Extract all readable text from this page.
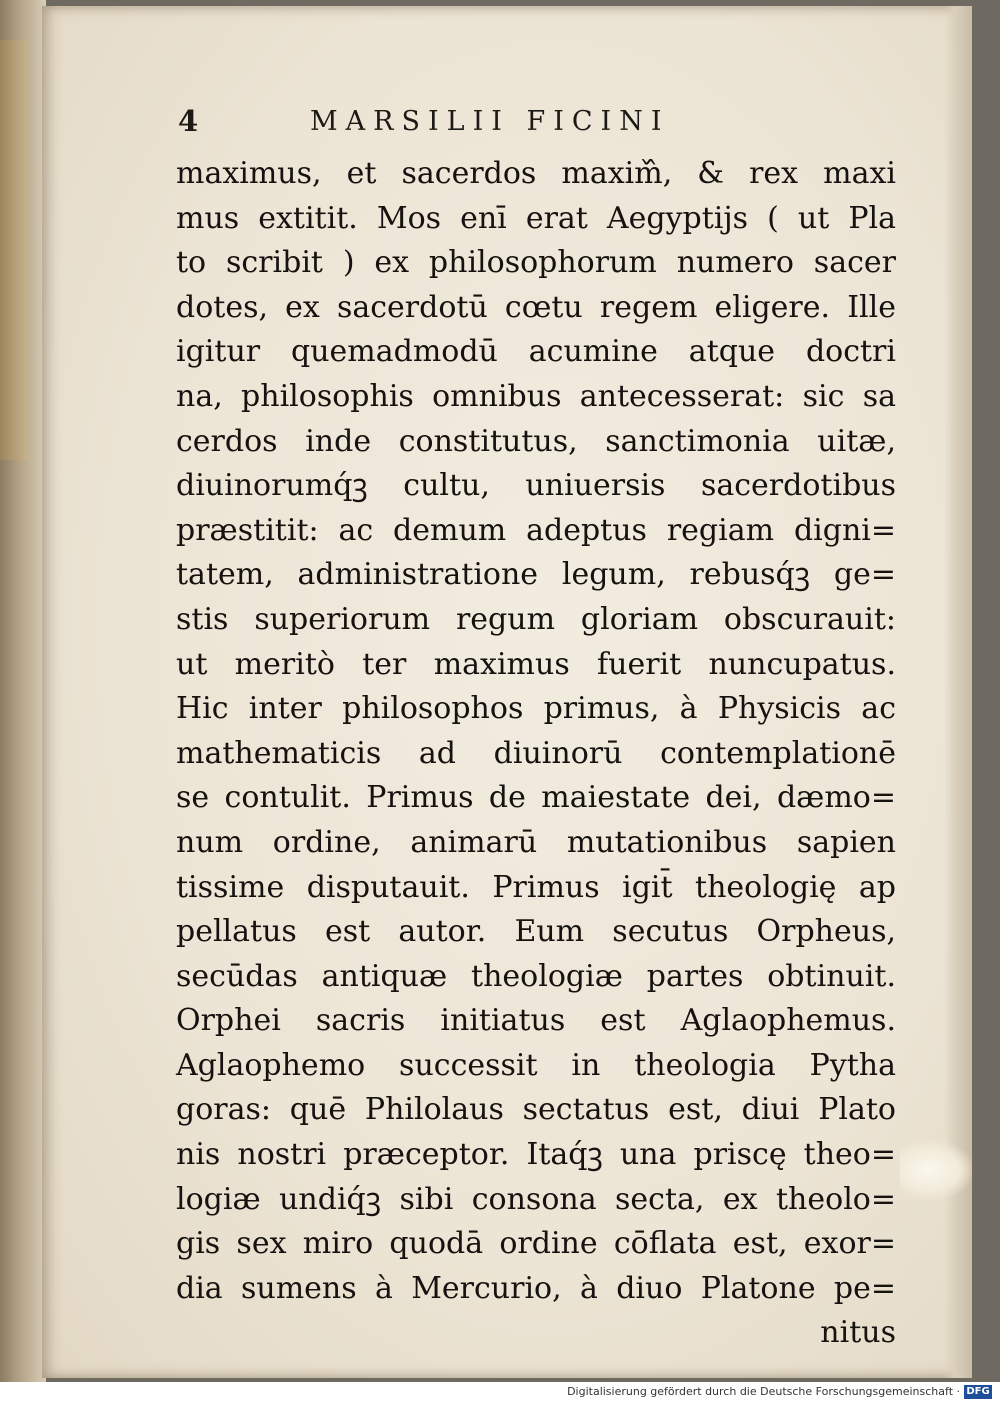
4	MARSILII FICINI
maximus, et sacerdos maxim᷈, & rex maxi
mus extitit. Mos enī erat Aegyptijs ( ut Pla
to scribit ) ex philosophorum numero sacer
dotes, ex sacerdotū cœtu regem eligere. Ille
igitur quemadmodū acumine atque doctri
na, philosophis omnibus antecesserat: sic sa
cerdos inde constitutus, sanctimonia uitæ,
diuinorumq́ꝫ cultu, uniuersis sacerdotibus
præstitit: ac demum adeptus regiam digni=
tatem, administratione legum, rebusq́ꝫ ge=
stis superiorum regum gloriam obscurauit:
ut meritò ter maximus fuerit nuncupatus.
Hic inter philosophos primus, à Physicis ac
mathematicis ad diuinorū contemplationē
se contulit. Primus de maiestate dei, dæmo=
num ordine, animarū mutationibus sapien
tissime disputauit. Primus igit̄ theologię ap
pellatus est autor. Eum secutus Orpheus,
secūdas antiquæ theologiæ partes obtinuit.
Orphei sacris initiatus est Aglaophemus.
Aglaophemo successit in theologia Pytha
goras: quē Philolaus sectatus est, diui Plato
nis nostri præceptor. Itaq́ꝫ una priscę theo=
logiæ undiq́ꝫ sibi consona secta, ex theolo=
gis sex miro quodā ordine cōflata est, exor=
dia sumens à Mercurio, à diuo Platone pe=
nitus
Digitalisierung gefördert durch die Deutsche Forschungsgemeinschaft · DFG
